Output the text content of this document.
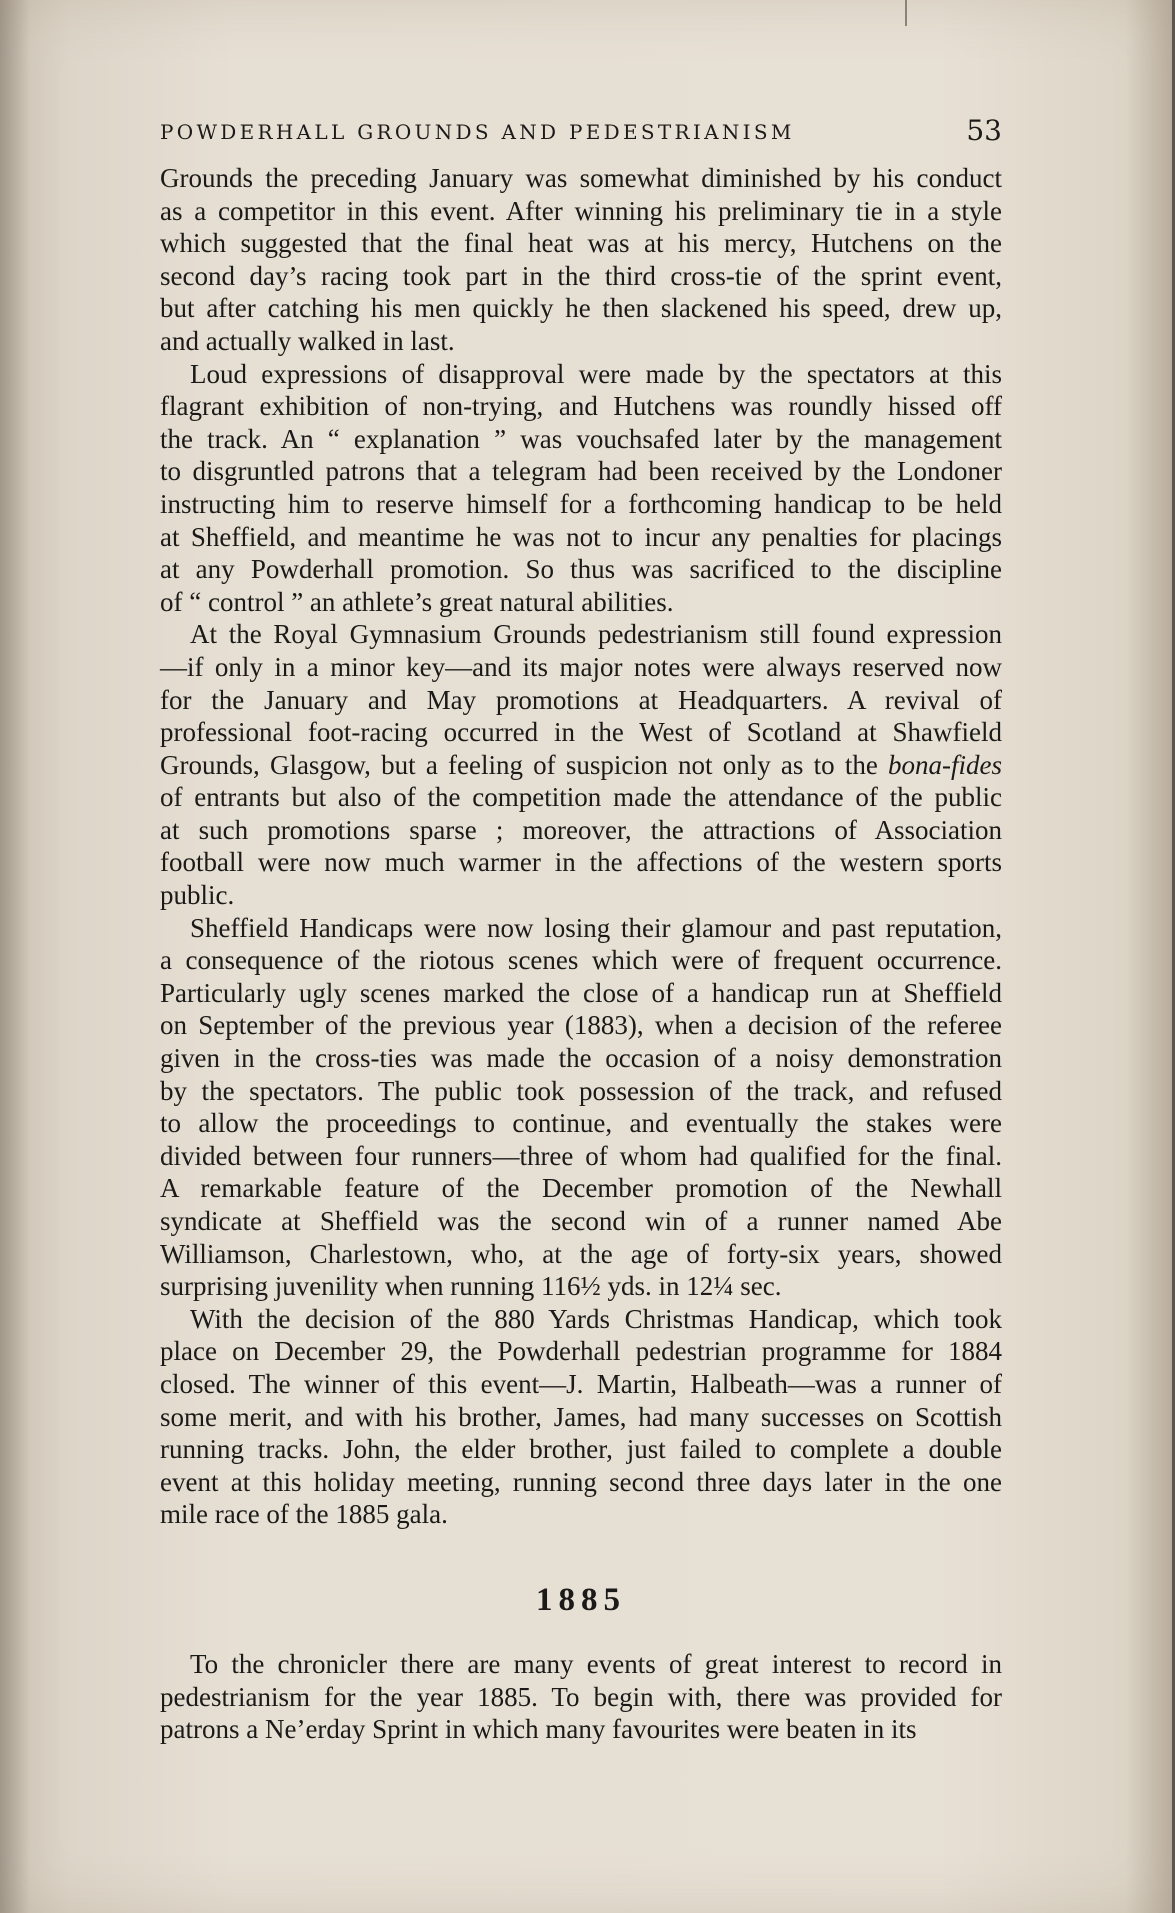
POWDERHALL GROUNDS AND PEDESTRIANISM	53
Grounds the preceding January was somewhat diminished by his conduct
as a competitor in this event. After winning his preliminary tie in a style
which suggested that the final heat was at his mercy, Hutchens on the
second day’s racing took part in the third cross-tie of the sprint event,
but after catching his men quickly he then slackened his speed, drew up,
and actually walked in last.
Loud expressions of disapproval were made by the spectators at this
flagrant exhibition of non-trying, and Hutchens was roundly hissed off
the track. An “ explanation ” was vouchsafed later by the management
to disgruntled patrons that a telegram had been received by the Londoner
instructing him to reserve himself for a forthcoming handicap to be held
at Sheffield, and meantime he was not to incur any penalties for placings
at any Powderhall promotion. So thus was sacrificed to the discipline
of “ control ” an athlete’s great natural abilities.
At the Royal Gymnasium Grounds pedestrianism still found expression
—if only in a minor key—and its major notes were always reserved now
for the January and May promotions at Headquarters. A revival of
professional foot-racing occurred in the West of Scotland at Shawfield
Grounds, Glasgow, but a feeling of suspicion not only as to the bona-fides
of entrants but also of the competition made the attendance of the public
at such promotions sparse ; moreover, the attractions of Association
football were now much warmer in the affections of the western sports
public.
Sheffield Handicaps were now losing their glamour and past reputation,
a consequence of the riotous scenes which were of frequent occurrence.
Particularly ugly scenes marked the close of a handicap run at Sheffield
on September of the previous year (1883), when a decision of the referee
given in the cross-ties was made the occasion of a noisy demonstration
by the spectators. The public took possession of the track, and refused
to allow the proceedings to continue, and eventually the stakes were
divided between four runners—three of whom had qualified for the final.
A remarkable feature of the December promotion of the Newhall
syndicate at Sheffield was the second win of a runner named Abe
Williamson, Charlestown, who, at the age of forty-six years, showed
surprising juvenility when running 116½ yds. in 12¼ sec.
With the decision of the 880 Yards Christmas Handicap, which took
place on December 29, the Powderhall pedestrian programme for 1884
closed. The winner of this event—J. Martin, Halbeath—was a runner of
some merit, and with his brother, James, had many successes on Scottish
running tracks. John, the elder brother, just failed to complete a double
event at this holiday meeting, running second three days later in the one
mile race of the 1885 gala.
1885
To the chronicler there are many events of great interest to record in
pedestrianism for the year 1885. To begin with, there was provided for
patrons a Ne’erday Sprint in which many favourites were beaten in its
